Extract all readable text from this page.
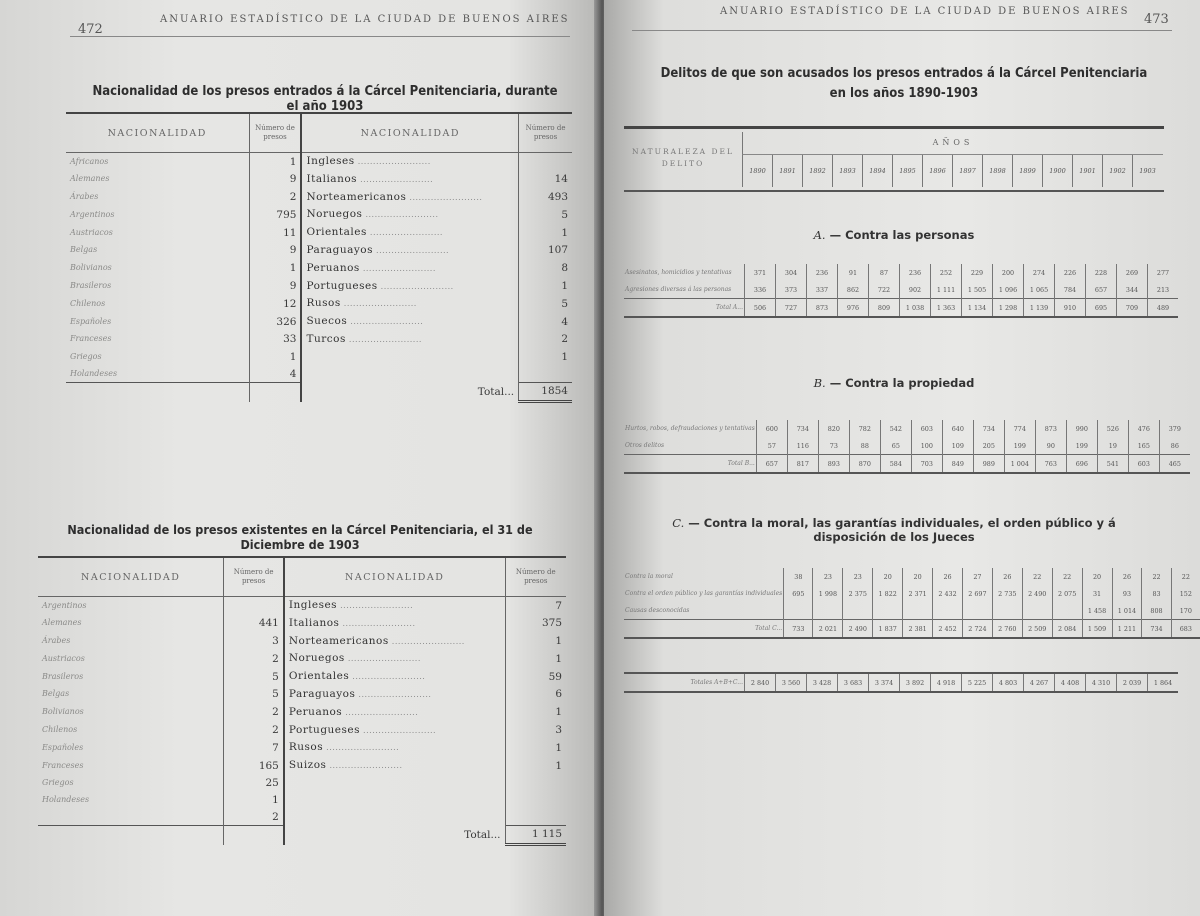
472
ANUARIO ESTADÍSTICO DE LA CIUDAD DE BUENOS AIRES
Nacionalidad de los presos entrados á la Cárcel Penitenciaria, durante el año 1903
NACIONALIDAD	Número de presos	NACIONALIDAD	Número de presos
Africanos	1	Ingleses ........................	
Alemanes	9	Italianos ........................	14
Árabes	2	Norteamericanos ........................	493
Argentinos	795	Noruegos ........................	5
Austriacos	11	Orientales ........................	1
Belgas	9	Paraguayos ........................	107
Bolivianos	1	Peruanos ........................	8
Brasileros	9	Portugueses ........................	1
Chilenos	12	Rusos ........................	5
Españoles	326	Suecos ........................	4
Franceses	33	Turcos ........................	2
Griegos	1		1
Holandeses	4		
		Total...	1854
Nacionalidad de los presos existentes en la Cárcel Penitenciaria, el 31 de Diciembre de 1903
NACIONALIDAD	Número de presos	NACIONALIDAD	Número de presos
Argentinos		Ingleses ........................	7
Alemanes	441	Italianos ........................	375
Árabes	3	Norteamericanos ........................	1
Austriacos	2	Noruegos ........................	1
Brasileros	5	Orientales ........................	59
Belgas	5	Paraguayos ........................	6
Bolivianos	2	Peruanos ........................	1
Chilenos	2	Portugueses ........................	3
Españoles	7	Rusos ........................	1
Franceses	165	Suizos ........................	1
Griegos	25		
Holandeses	1		
	2		
		Total...	1 115
ANUARIO ESTADÍSTICO DE LA CIUDAD DE BUENOS AIRES
473
Delitos de que son acusados los presos entrados á la Cárcel Penitenciaria
en los años 1890-1903
NATURALEZA DEL DELITO
AÑOS
1890	1891	1892	1893	1894	1895	1896	1897	1898	1899	1900	1901	1902	1903
A. — Contra las personas
Asesinatos, homicidios y tentativas	371	304	236	91	87	236	252	229	200	274	226	228	269	277
Agresiones diversas á las personas	336	373	337	862	722	902	1 111	1 505	1 096	1 065	784	657	344	213
Total A...	506	727	873	976	809	1 038	1 363	1 134	1 298	1 139	910	695	709	489
B. — Contra la propiedad
Hurtos, robos, defraudaciones y tentativas	600	734	820	782	542	603	640	734	774	873	990	526	476	379
Otros delitos	57	116	73	88	65	100	109	205	199	90	199	19	165	86
Total B...	657	817	893	870	584	703	849	989	1 004	763	696	541	603	465
C. — Contra la moral, las garantías individuales, el orden público y á disposición de los Jueces
Contra la moral	38	23	23	20	20	26	27	26	22	22	20	26	22	22
Contra el orden público y las garantías individuales	695	1 998	2 375	1 822	2 371	2 432	2 697	2 735	2 490	2 075	31	93	83	152
Causas desconocidas											1 458	1 014	808	170
Total C...	733	2 021	2 490	1 837	2 381	2 452	2 724	2 760	2 509	2 084	1 509	1 211	734	683
Totales A+B+C...	2 840	3 560	3 428	3 683	3 374	3 892	4 918	5 225	4 803	4 267	4 408	4 310	2 039	1 864
